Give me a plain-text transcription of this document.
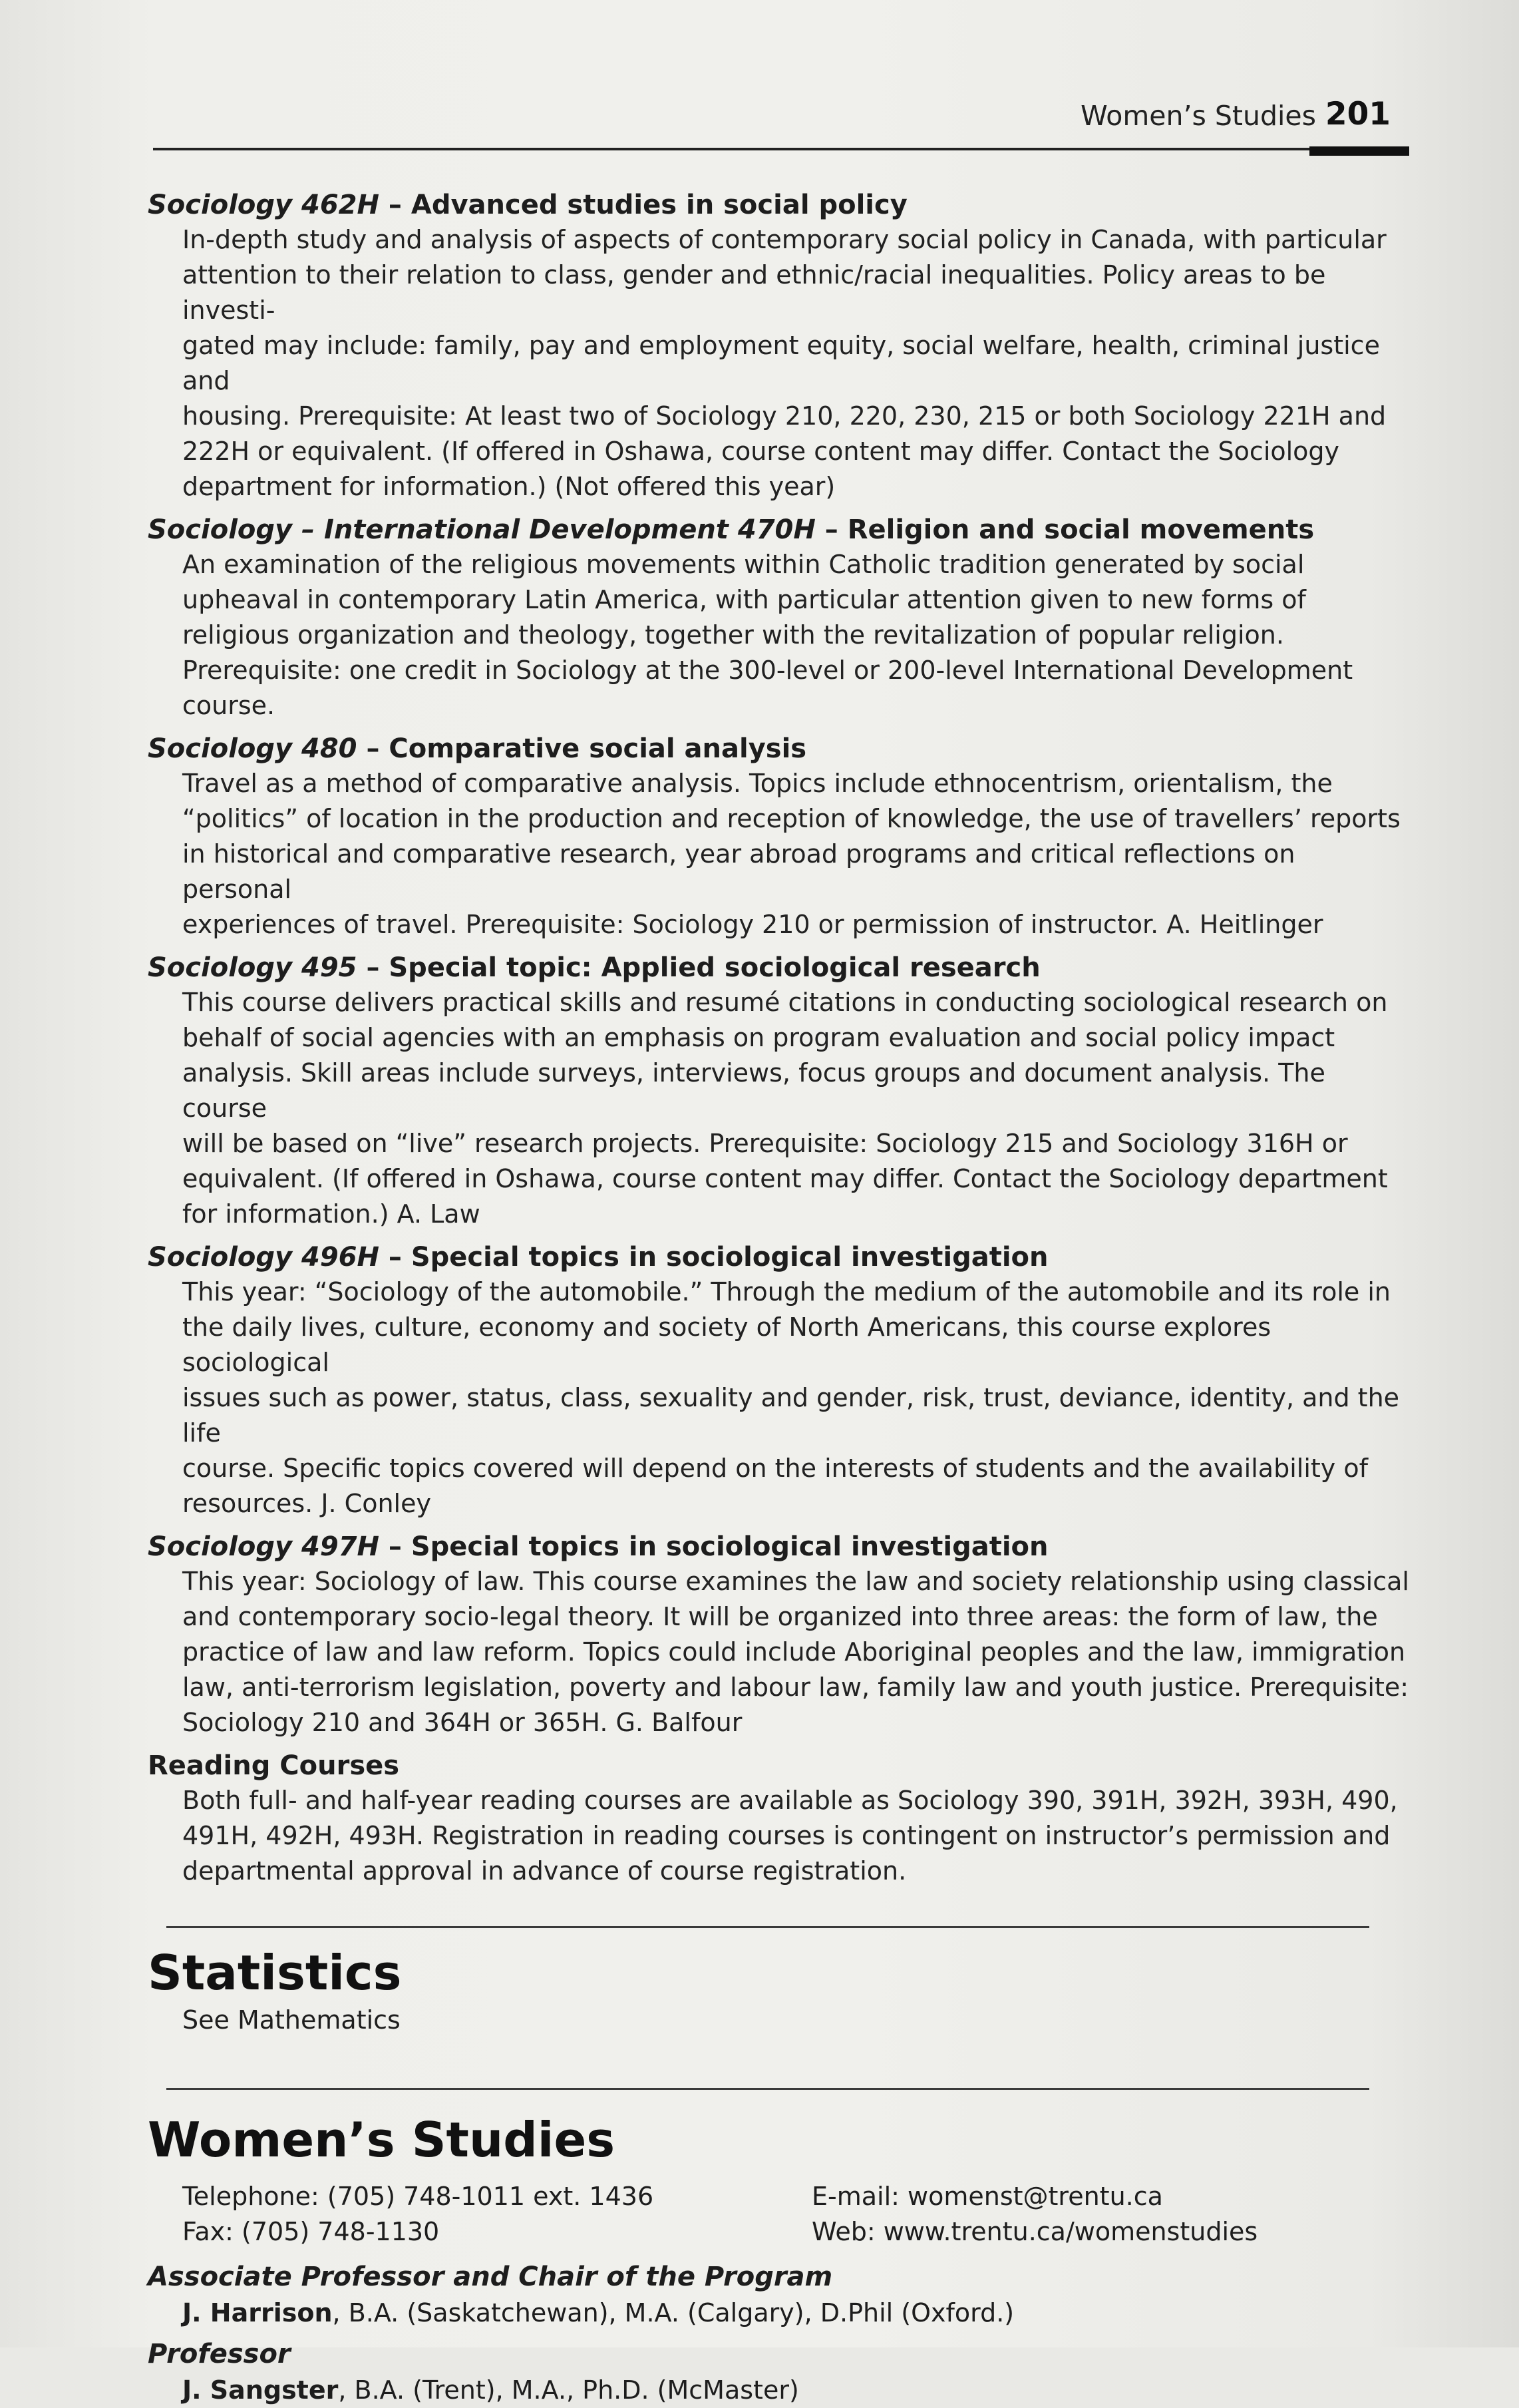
Women’s Studies 201
Sociology 462H – Advanced studies in social policy
In-depth study and analysis of aspects of contemporary social policy in Canada, with particular
attention to their relation to class, gender and ethnic/racial inequalities. Policy areas to be investi-
gated may include: family, pay and employment equity, social welfare, health, criminal justice and
housing. Prerequisite: At least two of Sociology 210, 220, 230, 215 or both Sociology 221H and
222H or equivalent. (If offered in Oshawa, course content may differ. Contact the Sociology
department for information.) (Not offered this year)
Sociology – International Development 470H – Religion and social movements
An examination of the religious movements within Catholic tradition generated by social
upheaval in contemporary Latin America, with particular attention given to new forms of
religious organization and theology, together with the revitalization of popular religion.
Prerequisite: one credit in Sociology at the 300-level or 200-level International Development
course.
Sociology 480 – Comparative social analysis
Travel as a method of comparative analysis. Topics include ethnocentrism, orientalism, the
“politics” of location in the production and reception of knowledge, the use of travellers’ reports
in historical and comparative research, year abroad programs and critical reflections on personal
experiences of travel. Prerequisite: Sociology 210 or permission of instructor. A. Heitlinger
Sociology 495 – Special topic: Applied sociological research
This course delivers practical skills and resumé citations in conducting sociological research on
behalf of social agencies with an emphasis on program evaluation and social policy impact
analysis. Skill areas include surveys, interviews, focus groups and document analysis. The course
will be based on “live” research projects. Prerequisite: Sociology 215 and Sociology 316H or
equivalent. (If offered in Oshawa, course content may differ. Contact the Sociology department
for information.) A. Law
Sociology 496H – Special topics in sociological investigation
This year: “Sociology of the automobile.” Through the medium of the automobile and its role in
the daily lives, culture, economy and society of North Americans, this course explores sociological
issues such as power, status, class, sexuality and gender, risk, trust, deviance, identity, and the life
course. Specific topics covered will depend on the interests of students and the availability of
resources. J. Conley
Sociology 497H – Special topics in sociological investigation
This year: Sociology of law. This course examines the law and society relationship using classical
and contemporary socio-legal theory. It will be organized into three areas: the form of law, the
practice of law and law reform. Topics could include Aboriginal peoples and the law, immigration
law, anti-terrorism legislation, poverty and labour law, family law and youth justice. Prerequisite:
Sociology 210 and 364H or 365H. G. Balfour
Reading Courses
Both full- and half-year reading courses are available as Sociology 390, 391H, 392H, 393H, 490,
491H, 492H, 493H. Registration in reading courses is contingent on instructor’s permission and
departmental approval in advance of course registration.
Statistics
See Mathematics
Women’s Studies
Telephone: (705) 748-1011 ext. 1436
Fax: (705) 748-1130
E-mail: womenst@trentu.ca
Web: www.trentu.ca/womenstudies
Associate Professor and Chair of the Program
J. Harrison, B.A. (Saskatchewan), M.A. (Calgary), D.Phil (Oxford.)
Professor
J. Sangster, B.A. (Trent), M.A., Ph.D. (McMaster)
